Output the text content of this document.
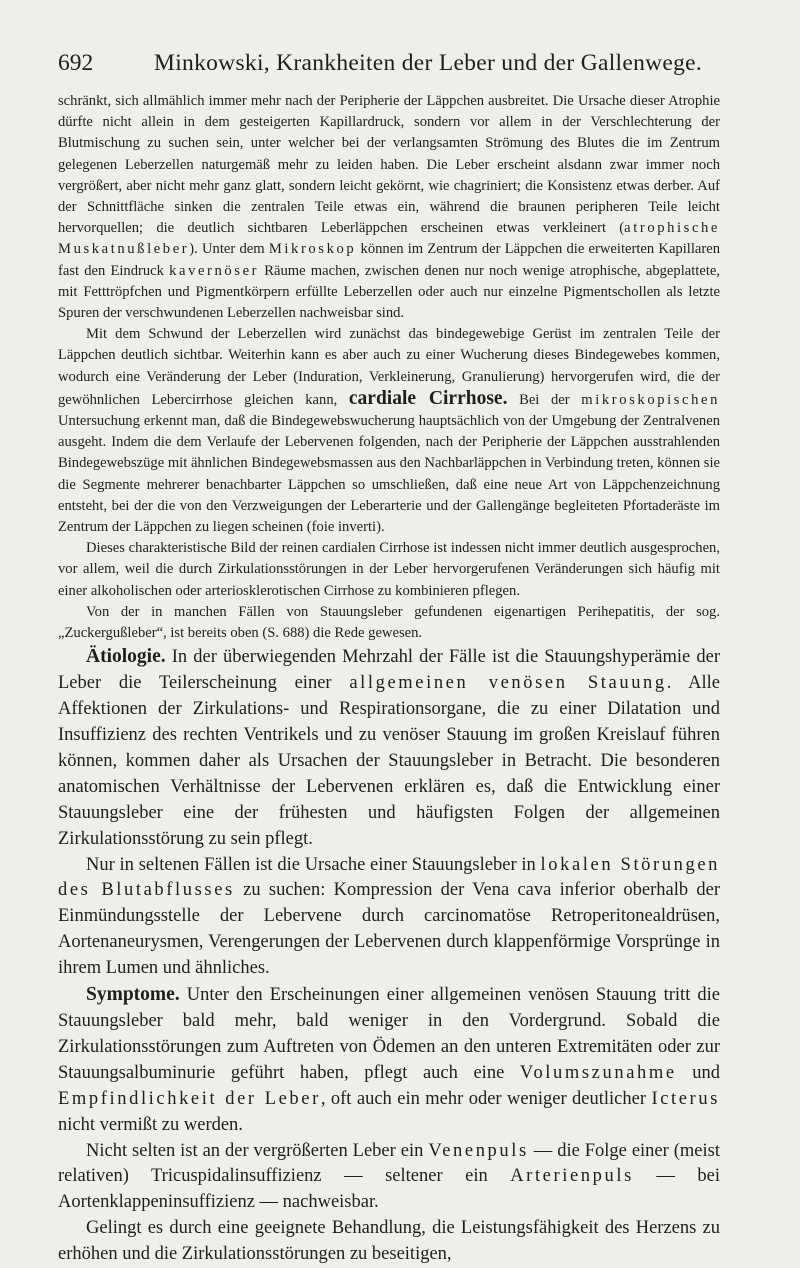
692	Minkowski, Krankheiten der Leber und der Gallenwege.

schränkt, sich allmählich immer mehr nach der Peripherie der Läppchen ausbreitet. Die Ursache dieser Atrophie dürfte nicht allein in dem gesteigerten Kapillardruck, sondern vor allem in der Verschlechterung der Blutmischung zu suchen sein, unter welcher bei der verlangsamten Strömung des Blutes die im Zentrum gelegenen Leberzellen naturgemäß mehr zu leiden haben. Die Leber erscheint alsdann zwar immer noch vergrößert, aber nicht mehr ganz glatt, sondern leicht gekörnt, wie chagriniert; die Konsistenz etwas derber. Auf der Schnittfläche sinken die zentralen Teile etwas ein, während die braunen peripheren Teile leicht hervorquellen; die deutlich sichtbaren Leberläppchen erscheinen etwas verkleinert (atrophische Muskatnußleber). Unter dem Mikroskop können im Zentrum der Läppchen die erweiterten Kapillaren fast den Eindruck kavernöser Räume machen, zwischen denen nur noch wenige atrophische, abgeplattete, mit Fetttröpfchen und Pigmentkörpern erfüllte Leberzellen oder auch nur einzelne Pigmentschollen als letzte Spuren der verschwundenen Leberzellen nachweisbar sind.

Mit dem Schwund der Leberzellen wird zunächst das bindegewebige Gerüst im zentralen Teile der Läppchen deutlich sichtbar. Weiterhin kann es aber auch zu einer Wucherung dieses Bindegewebes kommen, wodurch eine Veränderung der Leber (Induration, Verkleinerung, Granulierung) hervorgerufen wird, die der gewöhnlichen Lebercirrhose gleichen kann, cardiale Cirrhose. Bei der mikroskopischen Untersuchung erkennt man, daß die Bindegewebswucherung hauptsächlich von der Umgebung der Zentralvenen ausgeht. Indem die dem Verlaufe der Lebervenen folgenden, nach der Peripherie der Läppchen ausstrahlenden Bindegewebszüge mit ähnlichen Bindegewebsmassen aus den Nachbarläppchen in Verbindung treten, können sie die Segmente mehrerer benachbarter Läppchen so umschließen, daß eine neue Art von Läppchenzeichnung entsteht, bei der die von den Verzweigungen der Leberarterie und der Gallengänge begleiteten Pfortaderäste im Zentrum der Läppchen zu liegen scheinen (foie inverti).

Dieses charakteristische Bild der reinen cardialen Cirrhose ist indessen nicht immer deutlich ausgesprochen, vor allem, weil die durch Zirkulationsstörungen in der Leber hervorgerufenen Veränderungen sich häufig mit einer alkoholischen oder arteriosklerotischen Cirrhose zu kombinieren pflegen.

Von der in manchen Fällen von Stauungsleber gefundenen eigenartigen Perihepatitis, der sog. „Zuckergußleber“, ist bereits oben (S. 688) die Rede gewesen.

Ätiologie. In der überwiegenden Mehrzahl der Fälle ist die Stauungshyperämie der Leber die Teilerscheinung einer allgemeinen venösen Stauung. Alle Affektionen der Zirkulations- und Respirationsorgane, die zu einer Dilatation und Insuffizienz des rechten Ventrikels und zu venöser Stauung im großen Kreislauf führen können, kommen daher als Ursachen der Stauungsleber in Betracht. Die besonderen anatomischen Verhältnisse der Lebervenen erklären es, daß die Entwicklung einer Stauungsleber eine der frühesten und häufigsten Folgen der allgemeinen Zirkulationsstörung zu sein pflegt.

Nur in seltenen Fällen ist die Ursache einer Stauungsleber in lokalen Störungen des Blutabflusses zu suchen: Kompression der Vena cava inferior oberhalb der Einmündungsstelle der Lebervene durch carcinomatöse Retroperitonealdrüsen, Aortenaneurysmen, Verengerungen der Lebervenen durch klappenförmige Vorsprünge in ihrem Lumen und ähnliches.

Symptome. Unter den Erscheinungen einer allgemeinen venösen Stauung tritt die Stauungsleber bald mehr, bald weniger in den Vordergrund. Sobald die Zirkulationsstörungen zum Auftreten von Ödemen an den unteren Extremitäten oder zur Stauungsalbuminurie geführt haben, pflegt auch eine Volumszunahme und Empfindlichkeit der Leber, oft auch ein mehr oder weniger deutlicher Icterus nicht vermißt zu werden.

Nicht selten ist an der vergrößerten Leber ein Venenpuls — die Folge einer (meist relativen) Tricuspidalinsuffizienz — seltener ein Arterienpuls — bei Aortenklappeninsuffizienz — nachweisbar.

Gelingt es durch eine geeignete Behandlung, die Leistungsfähigkeit des Herzens zu erhöhen und die Zirkulationsstörungen zu beseitigen,
